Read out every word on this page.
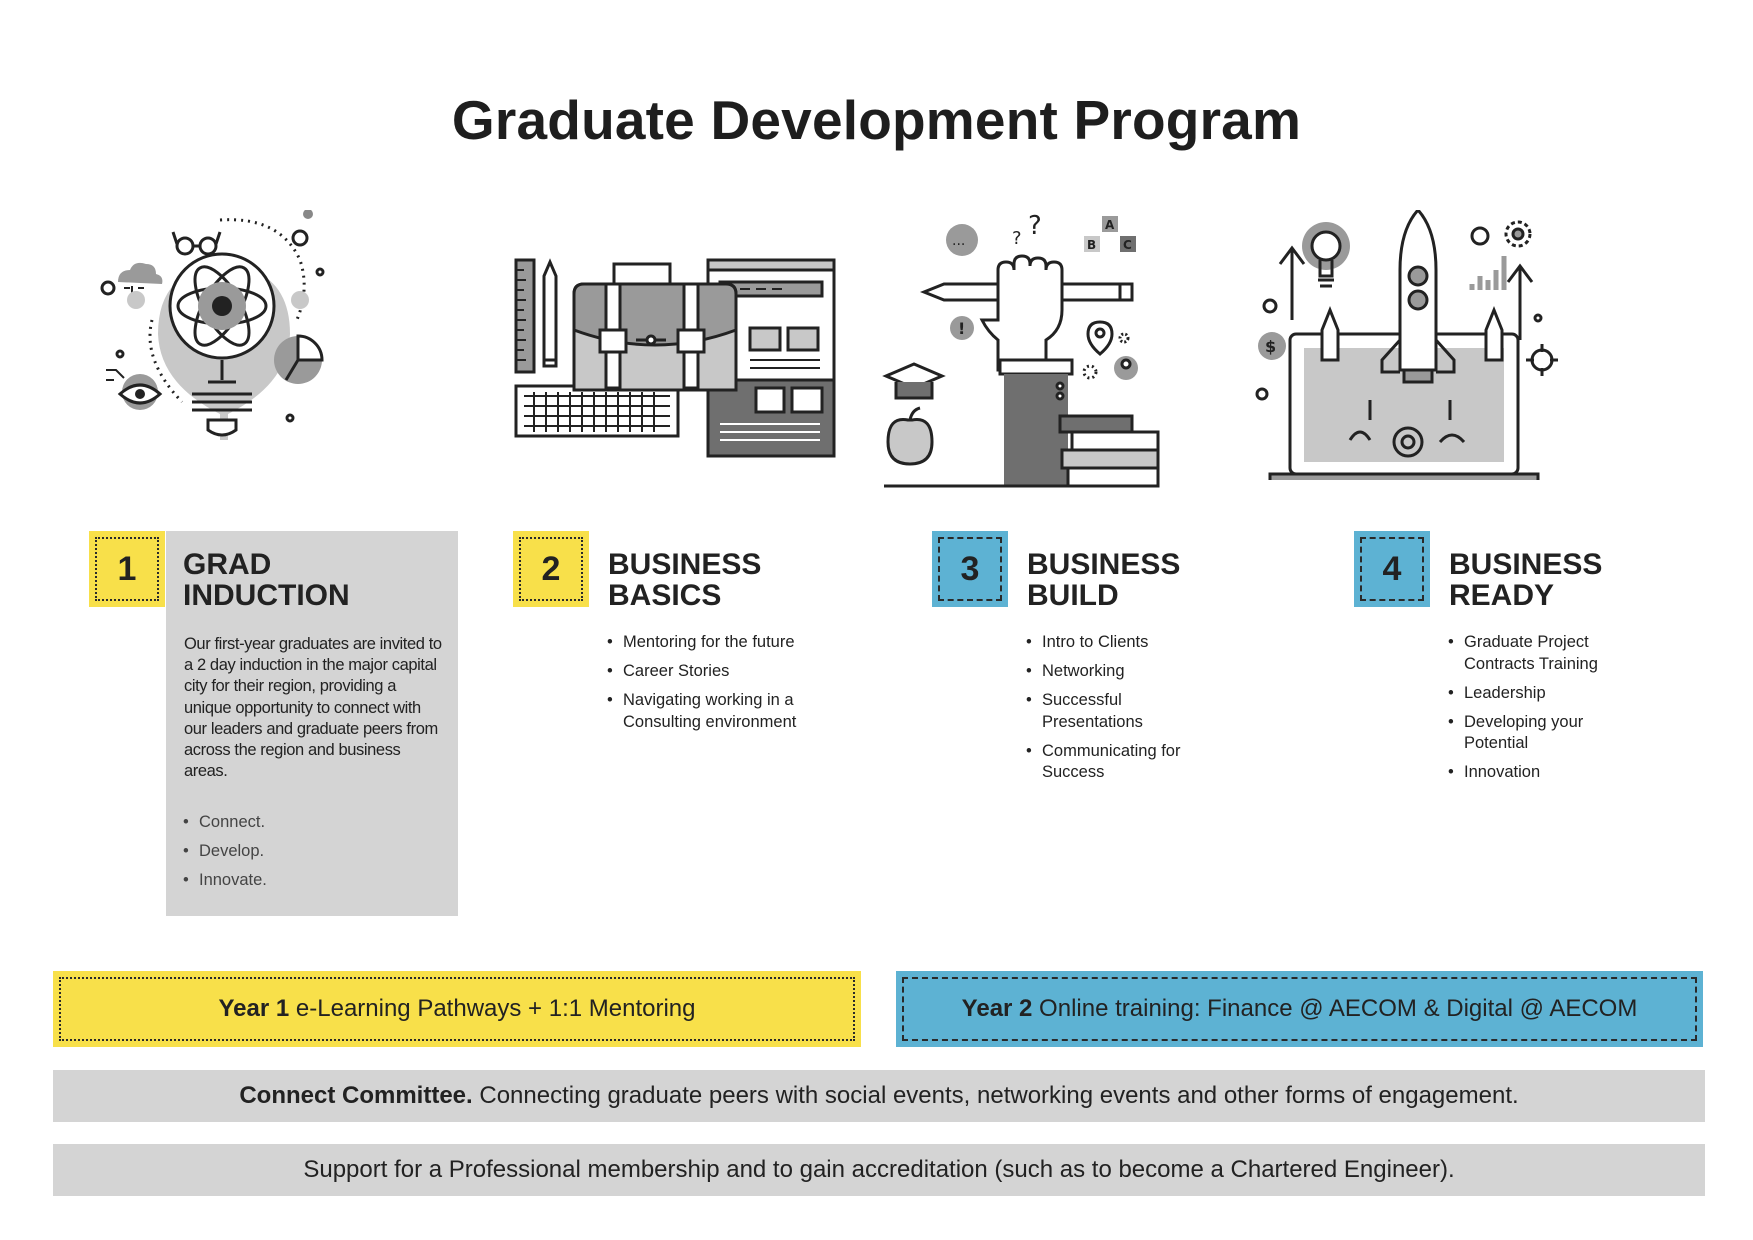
Graduate Development Program
...	? ?	A
B C
!
$
1 GRAD
INDUCTION
Our first-year graduates are invited to a 2 day induction in the major capital city for their region, providing a unique opportunity to connect with our leaders and graduate peers from across the region and business areas.
• Connect.
• Develop.
• Innovate.
2 BUSINESS
BASICS
• Mentoring for the future
• Career Stories
• Navigating working in a Consulting environment
3 BUSINESS
BUILD
• Intro to Clients
• Networking
• Successful Presentations
• Communicating for Success
4 BUSINESS
READY
• Graduate Project Contracts Training
• Leadership
• Developing your Potential
• Innovation
Year 1 e-Learning Pathways + 1:1 Mentoring	Year 2 Online training: Finance @ AECOM & Digital @ AECOM
Connect Committee. Connecting graduate peers with social events, networking events and other forms of engagement.
Support for a Professional membership and to gain accreditation (such as to become a Chartered Engineer).
